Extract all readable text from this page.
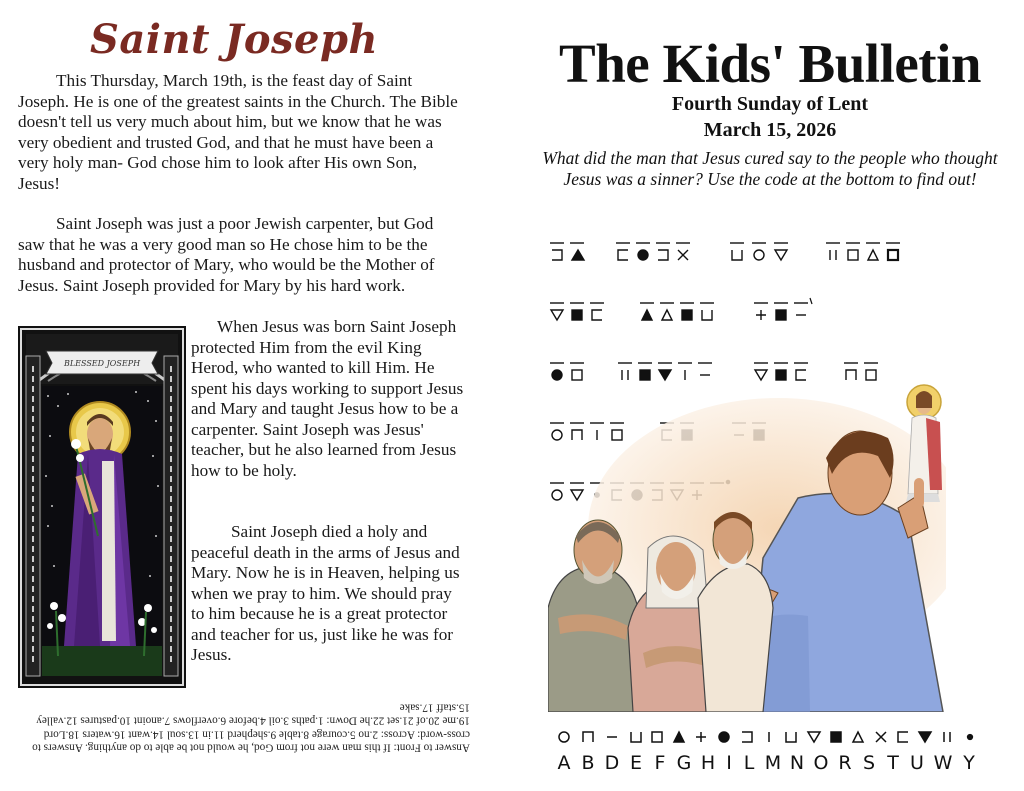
Saint Joseph
This Thursday, March 19th, is the feast day of Saint Joseph. He is one of the greatest saints in the Church. The Bible doesn't tell us very much about him, but we know that he was very obedient and trusted God, and that he must have been a very holy man- God chose him to look after His own Son, Jesus!
Saint Joseph was just a poor Jewish carpenter, but God saw that he was a very good man so He chose him to be the husband and protector of Mary, who would be the Mother of Jesus. Saint Joseph provided for Mary by his hard work.
When Jesus was born Saint Joseph protected Him from the evil King Herod, who wanted to kill Him. He spent his days working to support Jesus and Mary and taught Jesus how to be a carpenter. Saint Joseph was Jesus' teacher, but he also learned from Jesus how to be holy.
Saint Joseph died a holy and peaceful death in the arms of Jesus and Mary. Now he is in Heaven, helping us when we pray to him. We should pray to him because he is a great protector and teacher for us, just like he was for Jesus.
BLESSED JOSEPH
Answer to Front: If this man were not from God, he would not be able to do anything. Answers to cross-word: Across: 2.no 5.courage 8.table 9.shepherd 11.in 13.soul 14.want 16.waters 18.Lord 19.me 20.of 21.set 22.he Down: 1.paths 3.oil 4.before 6.overflows 7.anoint 10.pastures 12.valley 15.staff 17.sake
The Kids' Bulletin
Fourth Sunday of Lent
March 15, 2026
What did the man that Jesus cured say to the people who thought Jesus was a sinner? Use the code at the bottom to find out!
A B D E F G H I L M N O R S T U W Y
